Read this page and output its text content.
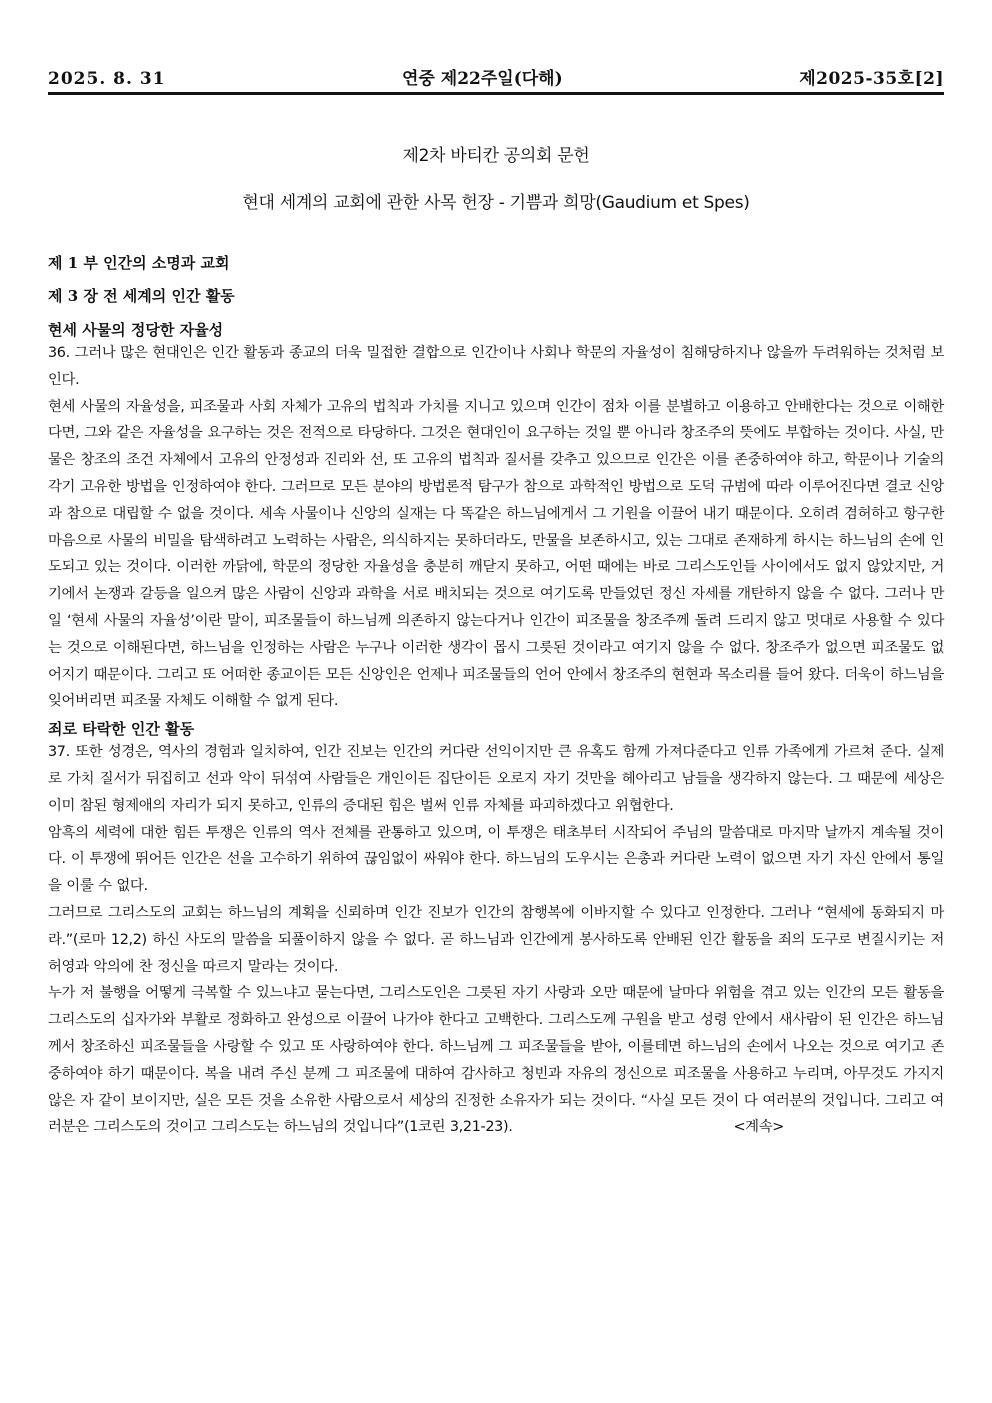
2025. 8. 31	연중 제22주일(다해)	제2025-35호[2]
제2차 바티칸 공의회 문헌
현대 세계의 교회에 관한 사목 헌장 - 기쁨과 희망(Gaudium et Spes)
제 1 부 인간의 소명과 교회
제 3 장 전 세계의 인간 활동
현세 사물의 정당한 자율성

36. 그러나 많은 현대인은 인간 활동과 종교의 더욱 밀접한 결합으로 인간이나 사회나 학문의 자율성이 침해당하지나 않을까 두려워하는 것처럼 보인다.

현세 사물의 자율성을, 피조물과 사회 자체가 고유의 법칙과 가치를 지니고 있으며 인간이 점차 이를 분별하고 이용하고 안배한다는 것으로 이해한다면, 그와 같은 자율성을 요구하는 것은 전적으로 타당하다. 그것은 현대인이 요구하는 것일 뿐 아니라 창조주의 뜻에도 부합하는 것이다. 사실, 만물은 창조의 조건 자체에서 고유의 안정성과 진리와 선, 또 고유의 법칙과 질서를 갖추고 있으므로 인간은 이를 존중하여야 하고, 학문이나 기술의 각기 고유한 방법을 인정하여야 한다. 그러므로 모든 분야의 방법론적 탐구가 참으로 과학적인 방법으로 도덕 규범에 따라 이루어진다면 결코 신앙과 참으로 대립할 수 없을 것이다. 세속 사물이나 신앙의 실재는 다 똑같은 하느님에게서 그 기원을 이끌어 내기 때문이다. 오히려 겸허하고 항구한 마음으로 사물의 비밀을 탐색하려고 노력하는 사람은, 의식하지는 못하더라도, 만물을 보존하시고, 있는 그대로 존재하게 하시는 하느님의 손에 인도되고 있는 것이다. 이러한 까닭에, 학문의 정당한 자율성을 충분히 깨닫지 못하고, 어떤 때에는 바로 그리스도인들 사이에서도 없지 않았지만, 거기에서 논쟁과 갈등을 일으켜 많은 사람이 신앙과 과학을 서로 배치되는 것으로 여기도록 만들었던 정신 자세를 개탄하지 않을 수 없다. 그러나 만일 ‘현세 사물의 자율성’이란 말이, 피조물들이 하느님께 의존하지 않는다거나 인간이 피조물을 창조주께 돌려 드리지 않고 멋대로 사용할 수 있다는 것으로 이해된다면, 하느님을 인정하는 사람은 누구나 이러한 생각이 몹시 그릇된 것이라고 여기지 않을 수 없다. 창조주가 없으면 피조물도 없어지기 때문이다. 그리고 또 어떠한 종교이든 모든 신앙인은 언제나 피조물들의 언어 안에서 창조주의 현현과 목소리를 들어 왔다. 더욱이 하느님을 잊어버리면 피조물 자체도 이해할 수 없게 된다.

죄로 타락한 인간 활동

37. 또한 성경은, 역사의 경험과 일치하여, 인간 진보는 인간의 커다란 선익이지만 큰 유혹도 함께 가져다준다고 인류 가족에게 가르쳐 준다. 실제로 가치 질서가 뒤집히고 선과 악이 뒤섞여 사람들은 개인이든 집단이든 오로지 자기 것만을 헤아리고 남들을 생각하지 않는다. 그 때문에 세상은 이미 참된 형제애의 자리가 되지 못하고, 인류의 증대된 힘은 벌써 인류 자체를 파괴하겠다고 위협한다.

암흑의 세력에 대한 힘든 투쟁은 인류의 역사 전체를 관통하고 있으며, 이 투쟁은 태초부터 시작되어 주님의 말씀대로 마지막 날까지 계속될 것이다. 이 투쟁에 뛰어든 인간은 선을 고수하기 위하여 끊임없이 싸워야 한다. 하느님의 도우시는 은총과 커다란 노력이 없으면 자기 자신 안에서 통일을 이룰 수 없다.

그러므로 그리스도의 교회는 하느님의 계획을 신뢰하며 인간 진보가 인간의 참행복에 이바지할 수 있다고 인정한다. 그러나 “현세에 동화되지 마라.”(로마 12,2) 하신 사도의 말씀을 되풀이하지 않을 수 없다. 곧 하느님과 인간에게 봉사하도록 안배된 인간 활동을 죄의 도구로 변질시키는 저 허영과 악의에 찬 정신을 따르지 말라는 것이다.

누가 저 불행을 어떻게 극복할 수 있느냐고 묻는다면, 그리스도인은 그릇된 자기 사랑과 오만 때문에 날마다 위험을 겪고 있는 인간의 모든 활동을 그리스도의 십자가와 부활로 정화하고 완성으로 이끌어 나가야 한다고 고백한다. 그리스도께 구원을 받고 성령 안에서 새사람이 된 인간은 하느님께서 창조하신 피조물들을 사랑할 수 있고 또 사랑하여야 한다. 하느님께 그 피조물들을 받아, 이를테면 하느님의 손에서 나오는 것으로 여기고 존중하여야 하기 때문이다. 복을 내려 주신 분께 그 피조물에 대하여 감사하고 청빈과 자유의 정신으로 피조물을 사용하고 누리며, 아무것도 가지지 않은 자 같이 보이지만, 실은 모든 것을 소유한 사람으로서 세상의 진정한 소유자가 되는 것이다. “사실 모든 것이 다 여러분의 것입니다. 그리고 여러분은 그리스도의 것이고 그리스도는 하느님의 것입니다”(1코린 3,21-23).	<계속>
